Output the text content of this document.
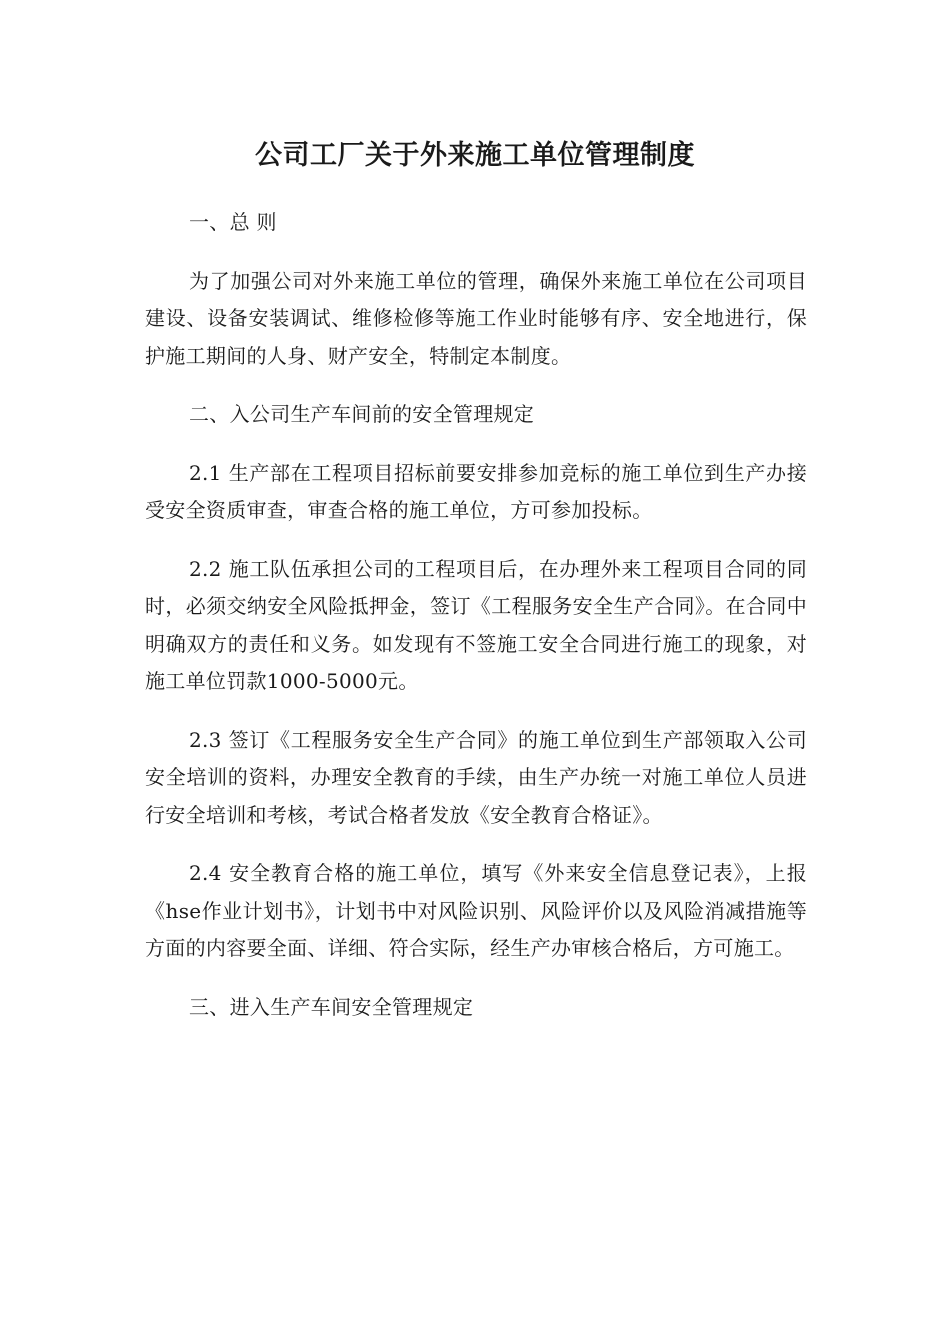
公司工厂关于外来施工单位管理制度

一、总 则

为了加强公司对外来施工单位的管理，确保外来施工单位在公司项目建设、设备安装调试、维修检修等施工作业时能够有序、安全地进行，保护施工期间的人身、财产安全，特制定本制度。

二、入公司生产车间前的安全管理规定

2.1 生产部在工程项目招标前要安排参加竞标的施工单位到生产办接受安全资质审查，审查合格的施工单位，方可参加投标。

2.2 施工队伍承担公司的工程项目后，在办理外来工程项目合同的同时，必须交纳安全风险抵押金，签订《工程服务安全生产合同》。在合同中明确双方的责任和义务。如发现有不签施工安全合同进行施工的现象，对施工单位罚款1000-5000元。

2.3 签订《工程服务安全生产合同》的施工单位到生产部领取入公司安全培训的资料，办理安全教育的手续，由生产办统一对施工单位人员进行安全培训和考核，考试合格者发放《安全教育合格证》。

2.4 安全教育合格的施工单位，填写《外来安全信息登记表》，上报《hse作业计划书》，计划书中对风险识别、风险评价以及风险消减措施等方面的内容要全面、详细、符合实际，经生产办审核合格后，方可施工。

三、进入生产车间安全管理规定
